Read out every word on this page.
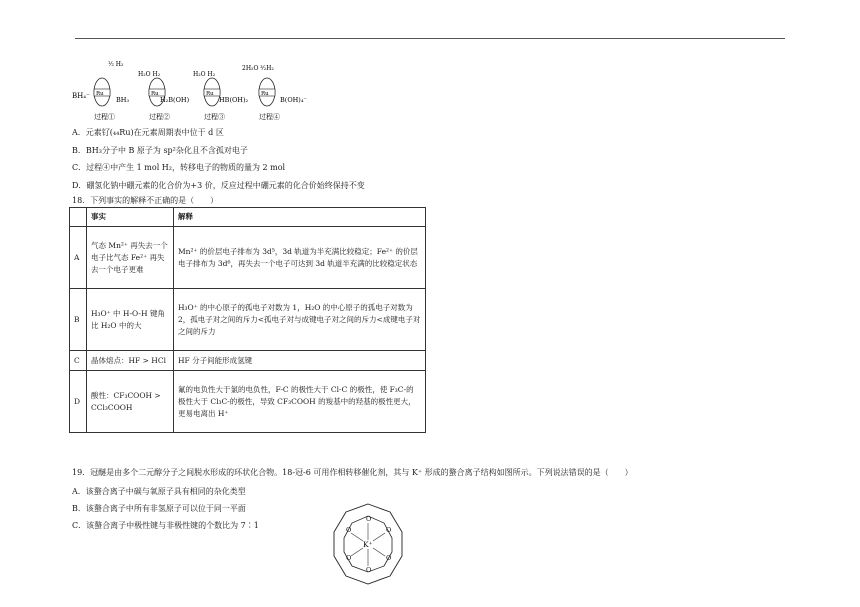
BH₄⁻ Ru
½ H₂
BH₃
Ru
H₂O H₂
H₂B(OH)
Ru
H₂O H₂
HB(OH)₂
Ru
2H₂O ³⁄₂H₂
B(OH)₄⁻
过程①	过程②	过程③	过程④
A．元素钌(₄₄Ru)在元素周期表中位于 d 区
B．BH₃分子中 B 原子为 sp²杂化且不含孤对电子
C．过程④中产生 1 mol H₂，转移电子的物质的量为 2 mol
D．硼氢化钠中硼元素的化合价为+3 价，反应过程中硼元素的化合价始终保持不变
18．下列事实的解释不正确的是（　　）
	事实	解释
A	气态 Mn²⁺ 再失去一个电子比气态 Fe²⁺ 再失去一个电子更难	Mn²⁺ 的价层电子排布为 3d⁵，3d 轨道为半充满比较稳定；Fe²⁺ 的价层电子排布为 3d⁶，再失去一个电子可达到 3d 轨道半充满的比较稳定状态
B	H₃O⁺ 中 H-O-H 键角比 H₂O 中的大	H₃O⁺ 的中心原子的孤电子对数为 1，H₂O 的中心原子的孤电子对数为 2，孤电子对之间的斥力<孤电子对与成键电子对之间的斥力<成键电子对之间的斥力
C	晶体熔点：HF > HCl	HF 分子间能形成氢键
D	酸性：CF₃COOH > CCl₃COOH	氟的电负性大于氯的电负性，F-C 的极性大于 Cl-C 的极性，使 F₃C-的极性大于 Cl₃C-的极性，导致 CF₃COOH 的羧基中的羟基的极性更大，更易电离出 H⁺
19．冠醚是由多个二元醇分子之间脱水形成的环状化合物。18-冠-6 可用作相转移催化剂，其与 K⁺ 形成的螯合离子结构如图所示。下列说法错误的是（　　）
A．该螯合离子中碳与氧原子具有相同的杂化类型
B．该螯合离子中所有非氢原子可以位于同一平面
C．该螯合离子中极性键与非极性键的个数比为 7∶1
O
O
O
O
O
O
K⁺
